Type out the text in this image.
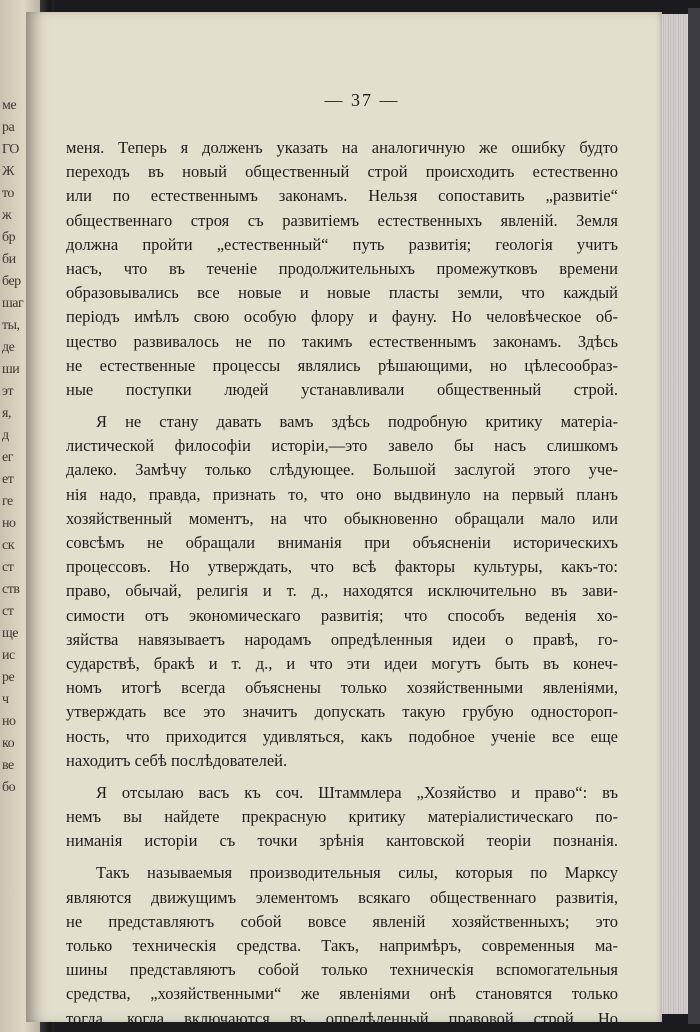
ме
ра
ГО
Ж
то
ж
бр
би
бер
шаг
ты,
де
ши
эт
я,
д
ег
ет
ге
но
ск
ст
ств
ст
ще
ис
ре
ч
но
ко
ве
бо
— 37 —
меня. Теперь я долженъ указать на аналогичную же ошибку будто
переходъ въ новый общественный строй происходить естественно
или по естественнымъ законамъ. Нельзя сопоставить „развитіе“
общественнаго строя съ развитіемъ естественныхъ явленій. Земля
должна пройти „естественный“ путь развитія; геологія учитъ
насъ, что въ теченіе продолжительныхъ промежутковъ времени
образовывались все новые и новые пласты земли, что каждый
періодъ имѣлъ свою особую флору и фауну. Но человѣческое об-
щество развивалось не по такимъ естественнымъ законамъ. Здѣсь
не естественные процессы являлись рѣшающими, но цѣлесообраз-
ные поступки людей устанавливали общественный строй.
Я не стану давать вамъ здѣсь подробную критику матеріа-
листической философіи исторіи,—это завело бы насъ слишкомъ
далеко. Замѣчу только слѣдующее. Большой заслугой этого уче-
нія надо, правда, признать то, что оно выдвинуло на первый планъ
хозяйственный моментъ, на что обыкновенно обращали мало или
совсѣмъ не обращали вниманія при объясненіи историческихъ
процессовъ. Но утверждать, что всѣ факторы культуры, какъ-то:
право, обычай, религія и т. д., находятся исключительно въ зави-
симости отъ экономическаго развитія; что способъ веденія хо-
зяйства навязываетъ народамъ опредѣленныя идеи о правѣ, го-
сударствѣ, бракѣ и т. д., и что эти идеи могутъ быть въ конеч-
номъ итогѣ всегда объяснены только хозяйственными явленіями,
утверждать все это значитъ допускать такую грубую одностороп-
ность, что приходится удивляться, какъ подобное ученіе все еще
находитъ себѣ послѣдователей.
Я отсылаю васъ къ соч. Штаммлера „Хозяйство и право“: въ
немъ вы найдете прекрасную критику матеріалистическаго по-
ниманія исторіи съ точки зрѣнія кантовской теоріи познанія.
Такъ называемыя производительныя силы, которыя по Марксу
являются движущимъ элементомъ всякаго общественнаго развитія,
не представляютъ собой вовсе явленій хозяйственныхъ; это
только техническія средства. Такъ, напримѣръ, современныя ма-
шины представляютъ собой только техническія вспомогательныя
средства, „хозяйственными“ же явленіями онѣ становятся только
тогда, когда включаются въ опредѣленный правовой строй. Но
